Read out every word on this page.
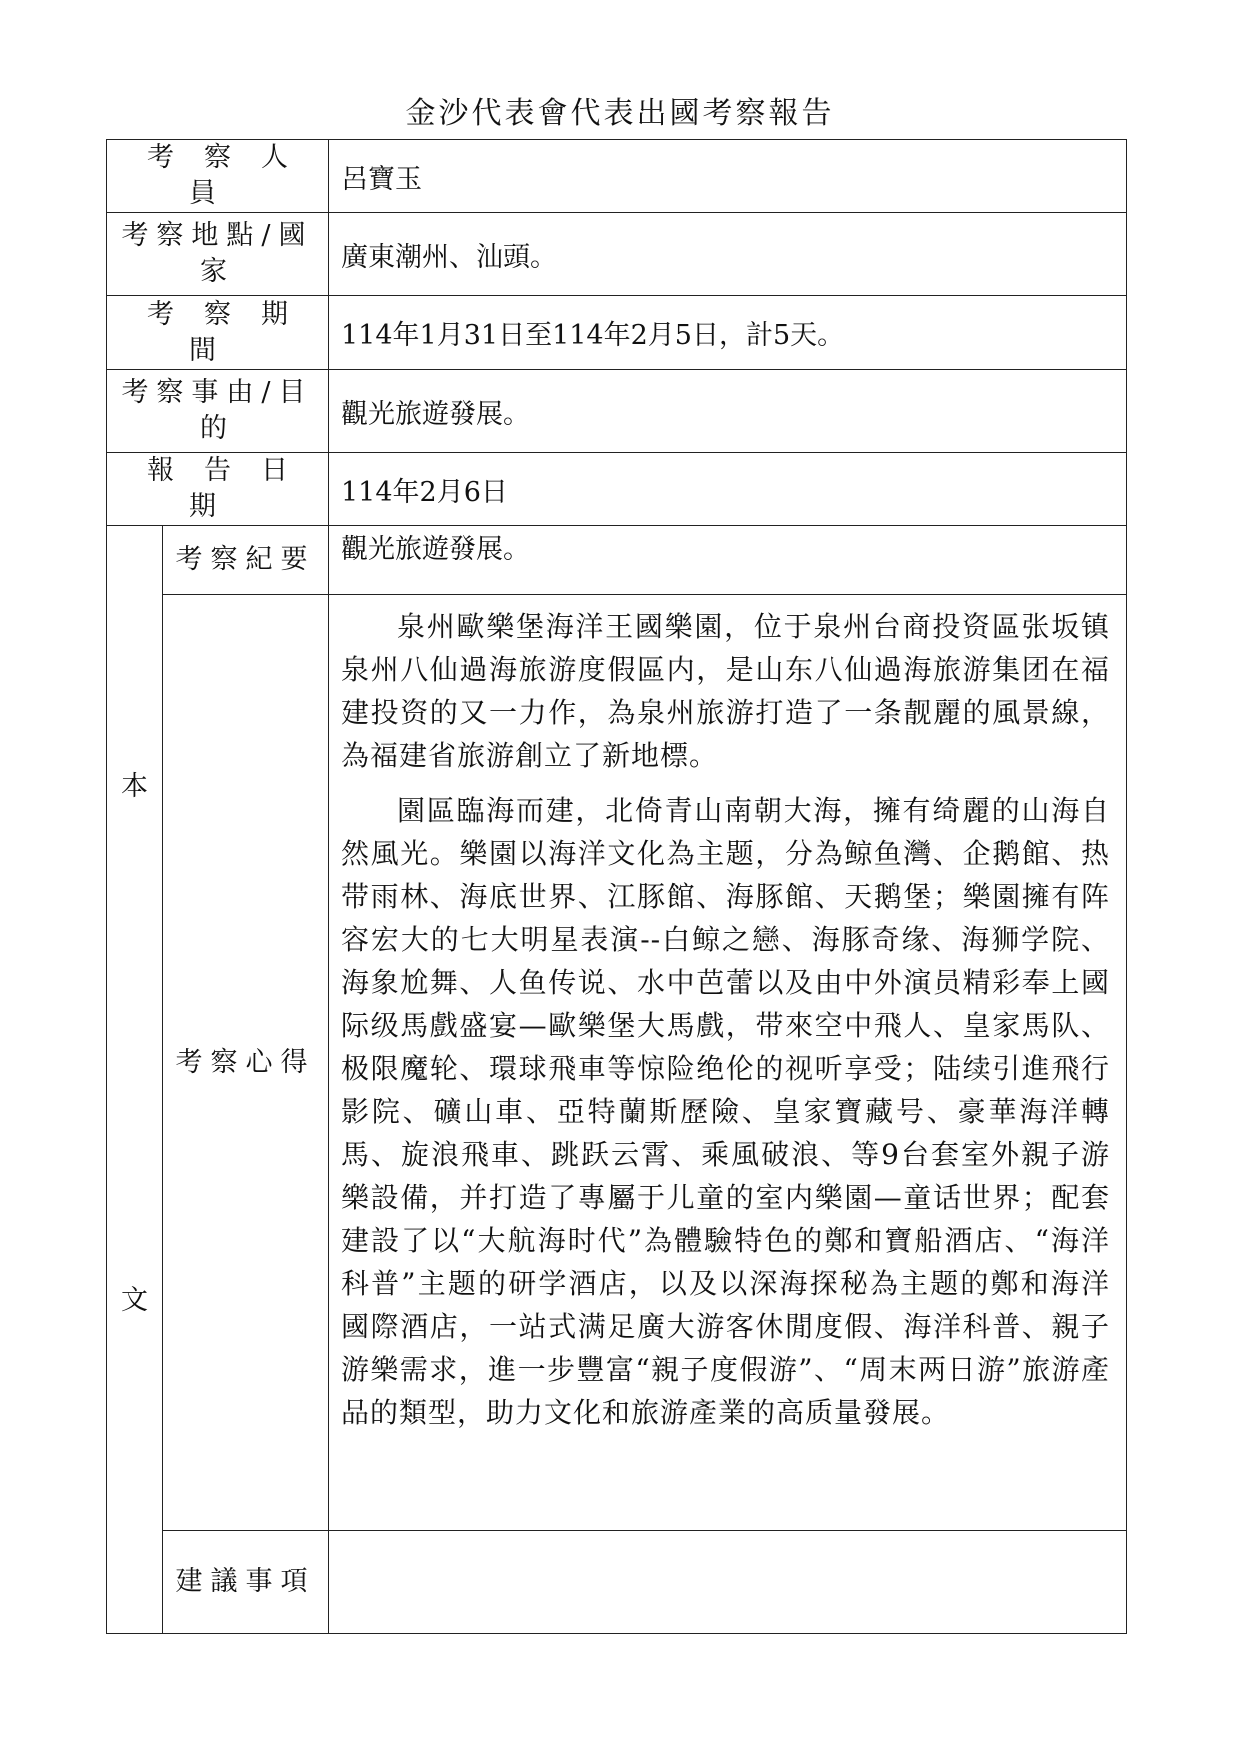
金沙代表會代表出國考察報告
考察人員		呂寶玉

考察地點/國家		廣東潮州、汕頭。
考察期間		114年1月31日至114年2月5日，計5天。

考察事由/目的		觀光旅遊發展。
報告日期		114年2月6日

本
文	考察紀要	觀光旅遊發展。
	考察心得	泉州歐樂堡海洋王國樂園，位于泉州台商投资區张坂镇泉州八仙過海旅游度假區内，是山东八仙過海旅游集团在福建投资的又一力作，為泉州旅游打造了一条靓麗的風景線，為福建省旅游創立了新地標。

園區臨海而建，北倚青山南朝大海，擁有绮麗的山海自然風光。樂園以海洋文化為主题，分為鲸鱼灣、企鹅館、热带雨林、海底世界、江豚館、海豚館、天鹅堡；樂園擁有阵容宏大的七大明星表演--白鲸之戀、海豚奇缘、海狮学院、海象尬舞、人鱼传说、水中芭蕾以及由中外演员精彩奉上國际级馬戲盛宴—歐樂堡大馬戲，带來空中飛人、皇家馬队、极限魔轮、環球飛車等惊险绝伦的视听享受；陆续引進飛行影院、礦山車、亞特蘭斯歷險、皇家寶藏号、豪華海洋轉馬、旋浪飛車、跳跃云霄、乘風破浪、等9台套室外親子游樂設備，并打造了專屬于儿童的室内樂園—童话世界；配套建設了以“大航海时代”為體驗特色的鄭和寶船酒店、“海洋科普”主题的研学酒店，以及以深海探秘為主题的鄭和海洋國際酒店，一站式满足廣大游客休閒度假、海洋科普、親子游樂需求，進一步豐富“親子度假游”、“周末两日游”旅游產品的類型，助力文化和旅游產業的高质量發展。

	建議事項	
